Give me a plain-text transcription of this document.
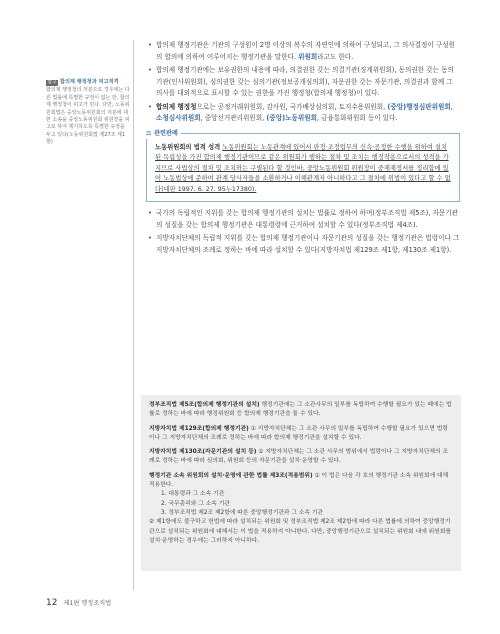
참고 합의제 행정청과 피고적격
합의제 행정청의 처분으로 경우에는 다른 법률에 특별한 규정이 없는 한, 합의제 행정청이 피고가 된다. 다만, 노동위원회법은 중앙노동위원회의 처분에 대한 소송을 중앙노동위원회 위원장을 피고로 하여 제기하도록 특별한 규정을 두고 있다(노동위원회법 제27조 제1항)
• 합의제 행정기관은 기관의 구성원이 2명 이상의 복수의 자연인에 의하여 구성되고, 그 의사결정이 구성원의 합의에 의하여 이루어지는 행정기관을 말한다. 위원회라고도 한다.
• 합의제 행정기관에는 보유권한의 내용에 따라, 의결권한 갖는 의결기관(징계위원회), 동의권한 갖는 동의기관(인사위원회), 심의권한 갖는 심의기관(정보공개심의회), 자문권한 갖는 자문기관, 의결권과 함께 그 의사를 대외적으로 표시할 수 있는 권한을 가진 행정청(합의제 행정청)이 있다.
• 합의제 행정청으로는 공정거래위원회, 감사원, 국가배상심의회, 토지수용위원회, (중앙)행정심판위원회, 소청심사위원회, 중앙선거관리위원회, (중앙)노동위원회, 금융통화위원회 등이 있다.
⚖ 관련판례

노동위원회의 법적 성격 노동위원회는 노동관계에 있어서 판정·조정업무의 신속·공정한 수행을 위하여 설치된 독립성을 가진 합의제 행정기관이므로 같은 위원회가 행하는 절차 및 조치는 행정작용으로서의 성격을 가지므로 사법상의 절차 및 조치와는 구별된다 할 것인바, 중앙노동위원회 위원장이 중재재정서를 정리함에 있어 노동법상에 준하여 관계 당사자들을 소환하거나 이해관계자 아니하다고 그 절차에 위법이 있다고 할 수 없다(대판 1997. 6. 27. 95누17380).

• 국가의 독립적인 지위를 갖는 합의제 행정기관의 설치는 법률로 정하여 하며(정부조직법 제5조), 자문기관의 성질을 갖는 합의제 행정기관은 대통령령에 근거하여 설치할 수 있다(정부조직법 제4조).
• 지방자치단체의 독립적 지위를 갖는 합의제 행정기관이나 자문기관의 성질을 갖는 행정기관은 법령이나 그 지방자치단체의 조례로 정하는 바에 따라 설치할 수 있다(지방자치법 제129조 제1항, 제130조 제1항).

정부조직법 제5조(합의제 행정기관의 설치) 행정기관에는 그 소관사무의 일부를 독립하여 수행할 필요가 있는 때에는 법률로 정하는 바에 따라 행정위원회 등 합의제 행정기관을 둘 수 있다.

지방자치법 제129조(합의제 행정기관) ① 지방자치단체는 그 소관 사무의 일부를 독립하여 수행할 필요가 있으면 법령이나 그 지방자치단체의 조례로 정하는 바에 따라 합의제 행정기관을 설치할 수 있다.

지방자치법 제130조(자문기관의 설치 등) ① 지방자치단체는 그 소관 사무의 범위에서 법령이나 그 지방자치단체의 조례로 정하는 바에 따라 심의회, 위원회 등의 자문기관을 설치·운영할 수 있다.

행정기관 소속 위원회의 설치·운영에 관한 법률 제3조(적용범위) ① 이 법은 다음 각 호의 행정기관 소속 위원회에 대해 적용한다.

1. 대통령과 그 소속 기관
2. 국무총리와 그 소속 기관
3. 정부조직법 제2조 제2항에 따른 중앙행정기관과 그 소속 기관

② 제1항에도 불구하고 헌법에 따라 설치되는 위원회 및 정부조직법 제2조 제2항에 따라 다른 법률에 의하여 중앙행정기관으로 설치되는 위원회에 대해서는 이 법을 적용하지 아니한다. 다만, 중앙행정기관으로 설치되는 위원회 내에 위원회를 설치·운영하는 경우에는 그러하지 아니하다.

12 제1편 행정조직법
